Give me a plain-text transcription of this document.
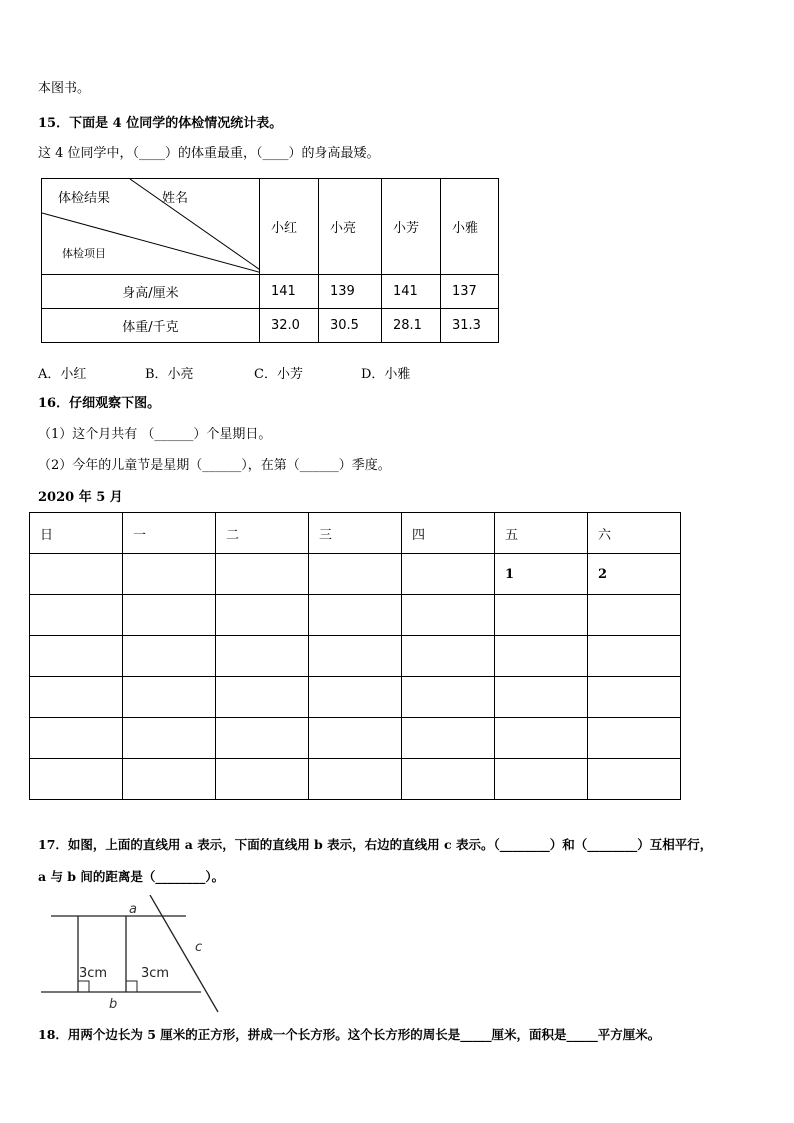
本图书。
15．下面是 4 位同学的体检情况统计表。
这 4 位同学中，（____）的体重最重，（____）的身高最矮。
体检结果 姓名
体检项目	小红	小亮	小芳	小雅
身高/厘米	141	139	141	137
体重/千克	32.0	30.5	28.1	31.3
A．小红	B．小亮	C．小芳	D．小雅
16．仔细观察下图。
（1）这个月共有 （______）个星期日。
（2）今年的儿童节是星期（______），在第（______）季度。
2020 年 5 月
日	一	二	三	四	五	六
					1	2

17．如图，上面的直线用 a 表示，下面的直线用 b 表示，右边的直线用 c 表示。（________）和（________）互相平行，
a 与 b 间的距离是（________）。
a
b
c
3cm	3cm
18．用两个边长为 5 厘米的正方形，拼成一个长方形。这个长方形的周长是_____厘米，面积是_____平方厘米。
